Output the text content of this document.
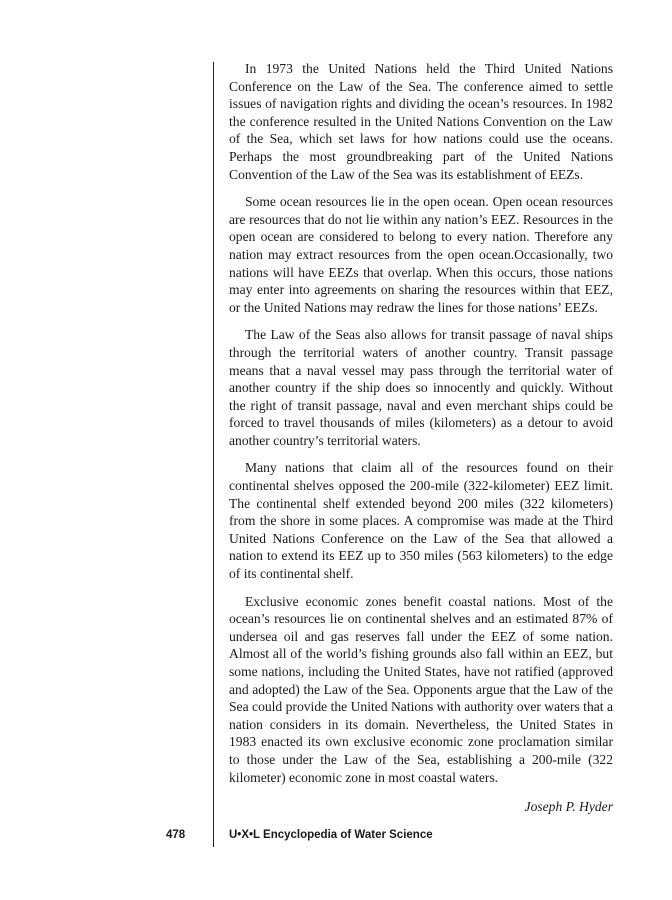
In 1973 the United Nations held the Third United Nations Conference on the Law of the Sea. The conference aimed to settle issues of navigation rights and dividing the ocean’s resources. In 1982 the conference resulted in the United Nations Convention on the Law of the Sea, which set laws for how nations could use the oceans. Perhaps the most groundbreaking part of the United Nations Convention of the Law of the Sea was its establishment of EEZs.

Some ocean resources lie in the open ocean. Open ocean resources are resources that do not lie within any nation’s EEZ. Resources in the open ocean are considered to belong to every nation. Therefore any nation may extract resources from the open ocean.Occasionally, two nations will have EEZs that overlap. When this occurs, those nations may enter into agreements on sharing the resources within that EEZ, or the United Nations may redraw the lines for those nations’ EEZs.

The Law of the Seas also allows for transit passage of naval ships through the territorial waters of another country. Transit passage means that a naval vessel may pass through the territorial water of another country if the ship does so innocently and quickly. Without the right of transit passage, naval and even merchant ships could be forced to travel thousands of miles (kilometers) as a detour to avoid another country’s territorial waters.

Many nations that claim all of the resources found on their continental shelves opposed the 200-mile (322-kilometer) EEZ limit. The continental shelf extended beyond 200 miles (322 kilometers) from the shore in some places. A compromise was made at the Third United Nations Conference on the Law of the Sea that allowed a nation to extend its EEZ up to 350 miles (563 kilometers) to the edge of its continental shelf.

Exclusive economic zones benefit coastal nations. Most of the ocean’s resources lie on continental shelves and an estimated 87% of undersea oil and gas reserves fall under the EEZ of some nation. Almost all of the world’s fishing grounds also fall within an EEZ, but some nations, including the United States, have not ratified (approved and adopted) the Law of the Sea. Opponents argue that the Law of the Sea could provide the United Nations with authority over waters that a nation considers in its domain. Nevertheless, the United States in 1983 enacted its own exclusive economic zone proclamation similar to those under the Law of the Sea, establishing a 200-mile (322 kilometer) economic zone in most coastal waters.

Joseph P. Hyder
478	U•X•L Encyclopedia of Water Science
